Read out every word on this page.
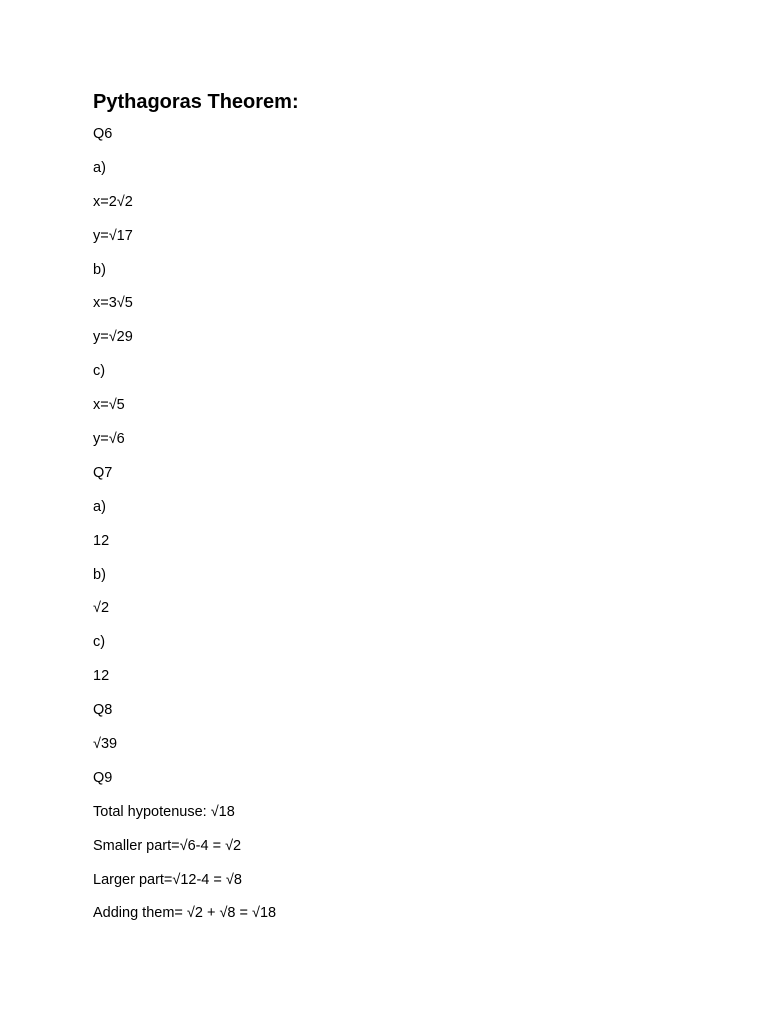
Pythagoras Theorem:
Q6
a)
x=2√2
y=√17
b)
x=3√5
y=√29
c)
x=√5
y=√6
Q7
a)
12
b)
√2
c)
12
Q8
√39
Q9
Total hypotenuse: √18
Smaller part=√6-4 = √2
Larger part=√12-4 = √8
Adding them= √2 + √8 = √18
